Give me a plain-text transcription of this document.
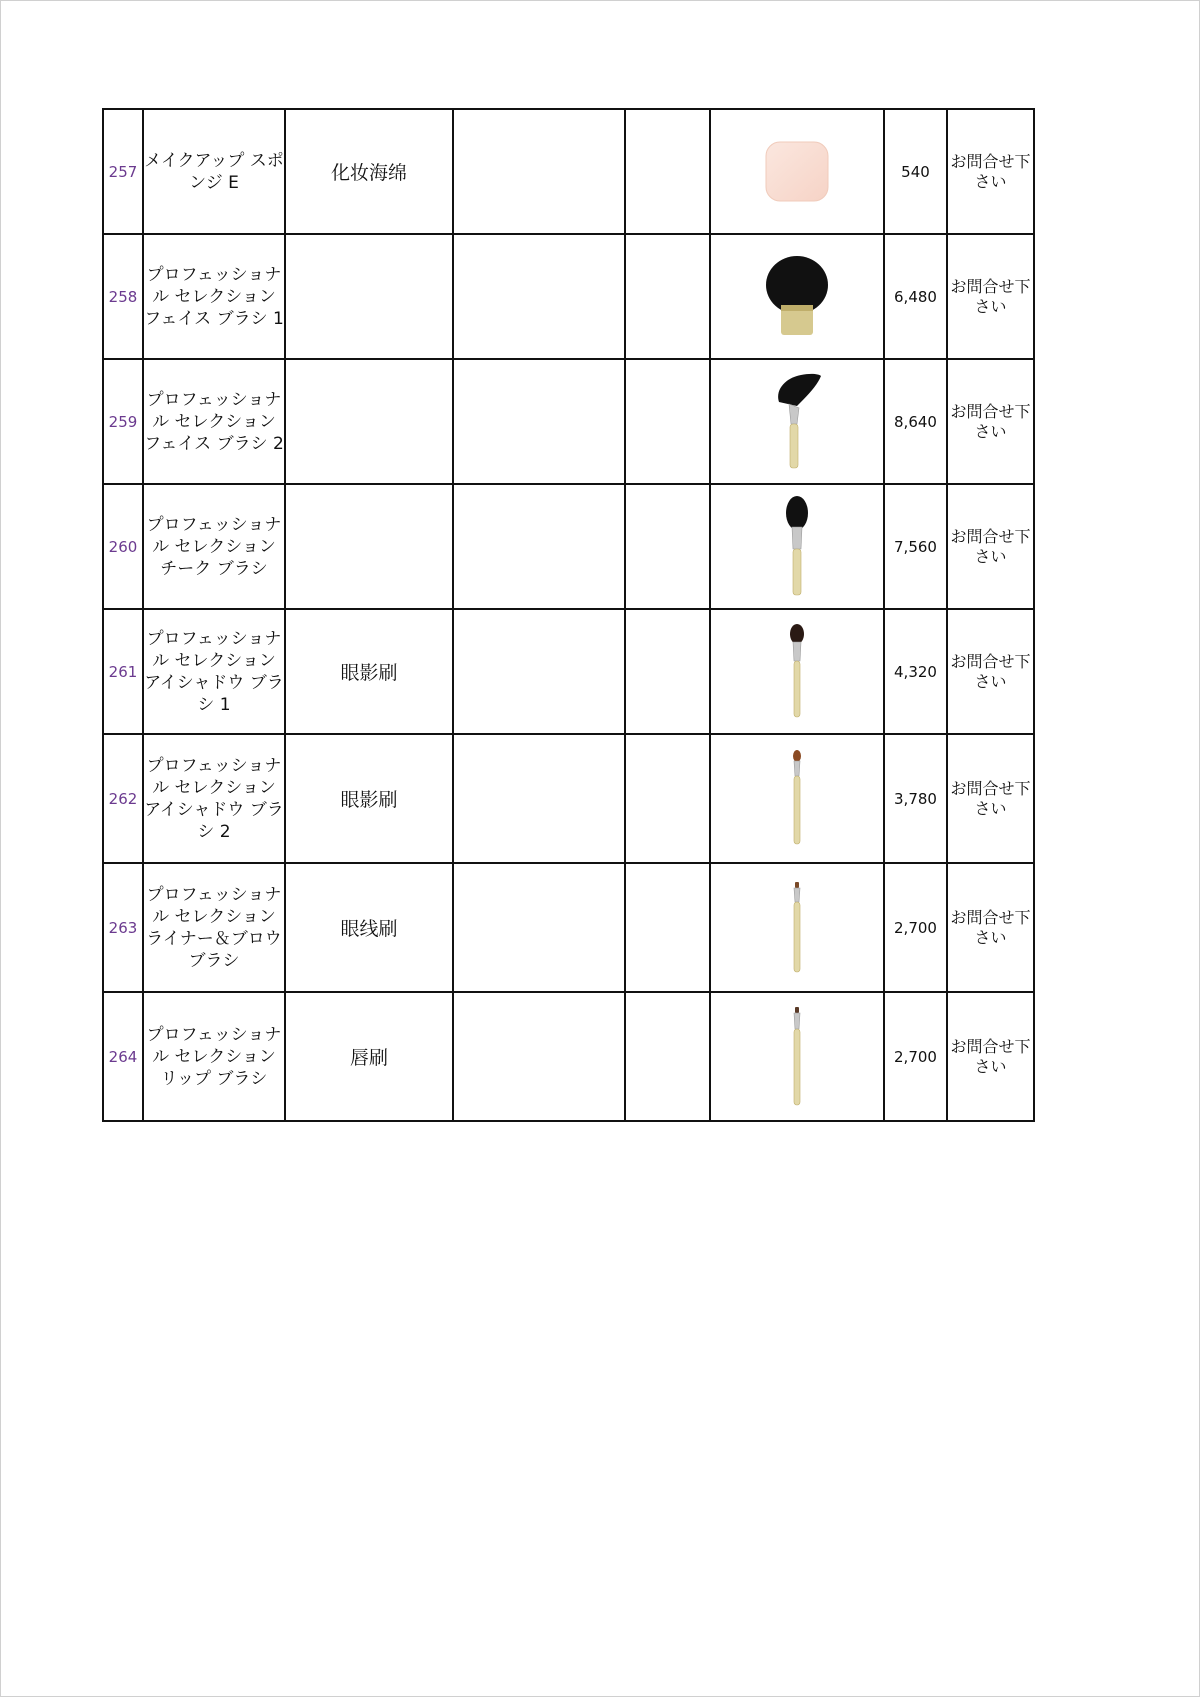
257	メイクアップ スポンジ E	化妆海绵				540	お問合せ下さい
258	プロフェッショナル セレクション フェイス ブラシ 1					6,480	お問合せ下さい
259	プロフェッショナル セレクション フェイス ブラシ 2					8,640	お問合せ下さい
260	プロフェッショナル セレクション チーク ブラシ					7,560	お問合せ下さい
261	プロフェッショナル セレクション アイシャドウ ブラシ 1	眼影刷				4,320	お問合せ下さい
262	プロフェッショナル セレクション アイシャドウ ブラシ 2	眼影刷				3,780	お問合せ下さい
263	プロフェッショナル セレクション ライナー＆ブロウ ブラシ	眼线刷				2,700	お問合せ下さい
264	プロフェッショナル セレクション リップ ブラシ	唇刷				2,700	お問合せ下さい
